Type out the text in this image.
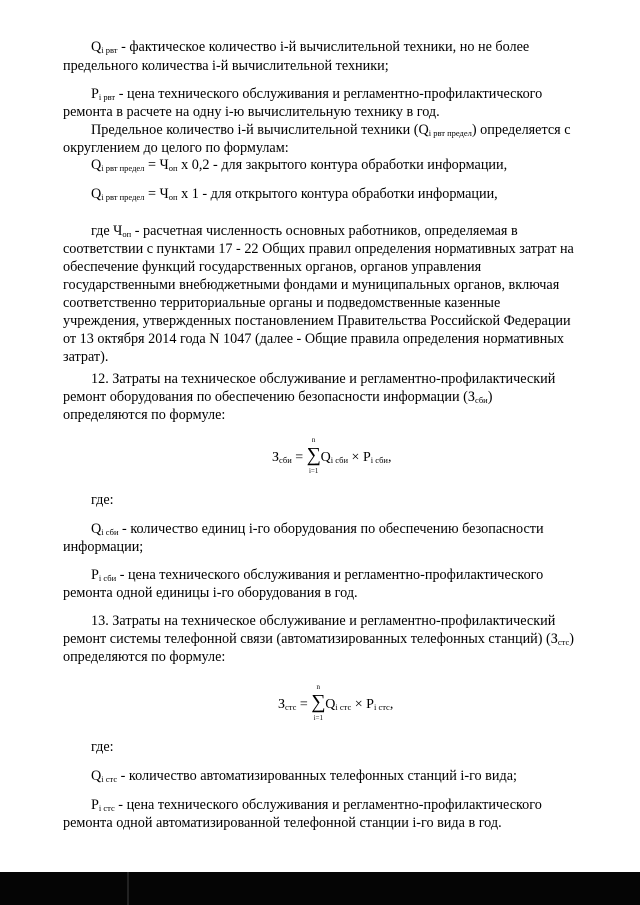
$Q_{i рвт}$ - фактическое количество i-й вычислительной техники, но не более
предельного количества i-й вычислительной техники;
$P_{i рвт}$ - цена технического обслуживания и регламентно-профилактического
ремонта в расчете на одну i-ю вычислительную технику в год.
Предельное количество i-й вычислительной техники $(Q_{i рвт предел})$ определяется с
округлением до целого по формулам:
$Q_{i рвт предел} = Ч_{оп}$ х 0,2 - для закрытого контура обработки информации,
$Q_{i рвт предел} = Ч_{оп}$ х 1 - для открытого контура обработки информации,
где $Ч_{оп}$ - расчетная численность основных работников, определяемая в
соответствии с пунктами 17 - 22 Общих правил определения нормативных затрат на
обеспечение функций государственных органов, органов управления
государственными внебюджетными фондами и муниципальных органов, включая
соответственно территориальные органы и подведомственные казенные
учреждения, утвержденных постановлением Правительства Российской Федерации
от 13 октября 2014 года N 1047 (далее - Общие правила определения нормативных
затрат).
12. Затраты на техническое обслуживание и регламентно-профилактический
ремонт оборудования по обеспечению безопасности информации $(З_{сби})$
определяются по формуле:
$З_{сби}$ =
n
∑
i=1
$Q_{i сби} \times P_{i сби}$,
где:
$Q_{i сби}$ - количество единиц i-го оборудования по обеспечению безопасности
информации;
$P_{i сби}$ - цена технического обслуживания и регламентно-профилактического
ремонта одной единицы i-го оборудования в год.
13. Затраты на техническое обслуживание и регламентно-профилактический
ремонт системы телефонной связи (автоматизированных телефонных станций) $(З_{стс})$
определяются по формуле:
$З_{стс}$ =
n
∑
i=1
$Q_{i стс} \times P_{i стс}$,
где:
$Q_{i стс}$ - количество автоматизированных телефонных станций i-го вида;
$P_{i стс}$ - цена технического обслуживания и регламентно-профилактического
ремонта одной автоматизированной телефонной станции i-го вида в год.
